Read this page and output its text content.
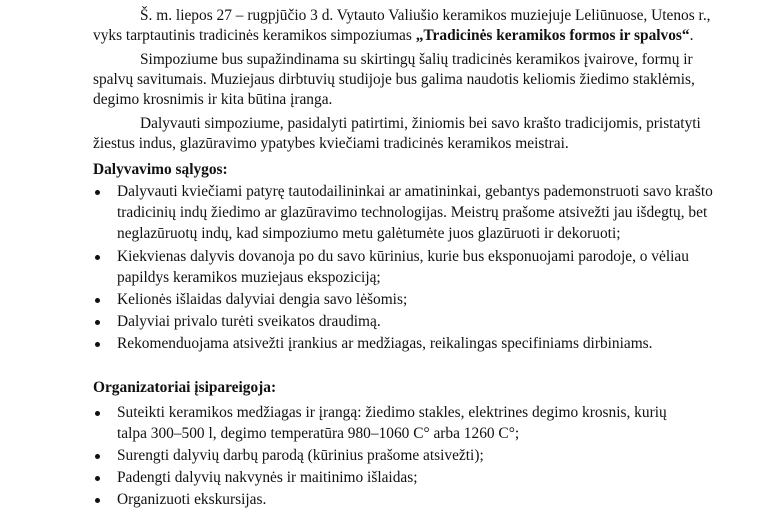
Š. m. liepos 27 – rugpjūčio 3 d. Vytauto Valiušio keramikos muziejuje Leliūnuose, Utenos r.,
vyks tarptautinis tradicinės keramikos simpoziumas „Tradicinės keramikos formos ir spalvos“.
Simpoziume bus supažindinama su skirtingų šalių tradicinės keramikos įvairove, formų ir
spalvų savitumais. Muziejaus dirbtuvių studijoje bus galima naudotis keliomis žiedimo staklėmis,
degimo krosnimis ir kita būtina įranga.
Dalyvauti simpoziume, pasidalyti patirtimi, žiniomis bei savo krašto tradicijomis, pristatyti
žiestus indus, glazūravimo ypatybes kviečiami tradicinės keramikos meistrai.
Dalyvavimo sąlygos:
Dalyvauti kviečiami patyrę tautodailininkai ar amatininkai, gebantys pademonstruoti savo krašto
tradicinių indų žiedimo ar glazūravimo technologijas. Meistrų prašome atsivežti jau išdegtų, bet
neglazūruotų indų, kad simpoziumo metu galėtumėte juos glazūruoti ir dekoruoti;
Kiekvienas dalyvis dovanoja po du savo kūrinius, kurie bus eksponuojami parodoje, o vėliau
papildys keramikos muziejaus ekspoziciją;
Kelionės išlaidas dalyviai dengia savo lėšomis;
Dalyviai privalo turėti sveikatos draudimą.
Rekomenduojama atsivežti įrankius ar medžiagas, reikalingas specifiniams dirbiniams.
Organizatoriai įsipareigoja:
Suteikti keramikos medžiagas ir įrangą: žiedimo stakles, elektrines degimo krosnis, kurių
talpa 300–500 l, degimo temperatūra 980–1060 C° arba 1260 C°;
Surengti dalyvių darbų parodą (kūrinius prašome atsivežti);
Padengti dalyvių nakvynės ir maitinimo išlaidas;
Organizuoti ekskursijas.
